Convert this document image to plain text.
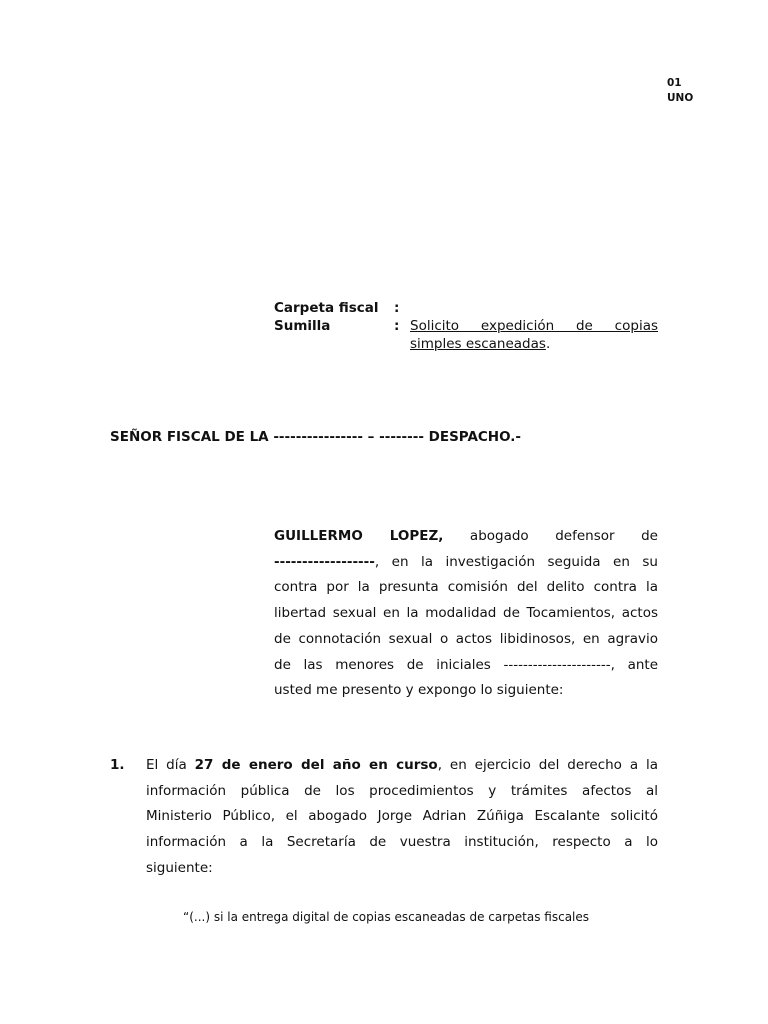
01
UNO
Carpeta fiscal	:
Sumilla	: Solicito expedición de copias
simples escaneadas.
SEÑOR FISCAL DE LA ---------------- – -------- DESPACHO.-
GUILLERMO LOPEZ, abogado defensor de
------------------, en la investigación seguida en su
contra por la presunta comisión del delito contra la
libertad sexual en la modalidad de Tocamientos, actos
de connotación sexual o actos libidinosos, en agravio
de las menores de iniciales ----------------------, ante
usted me presento y expongo lo siguiente:
1. El día 27 de enero del año en curso, en ejercicio del derecho a la
información pública de los procedimientos y trámites afectos al
Ministerio Público, el abogado Jorge Adrian Zúñiga Escalante solicitó
información a la Secretaría de vuestra institución, respecto a lo
siguiente:
“(...) si la entrega digital de copias escaneadas de carpetas fiscales
